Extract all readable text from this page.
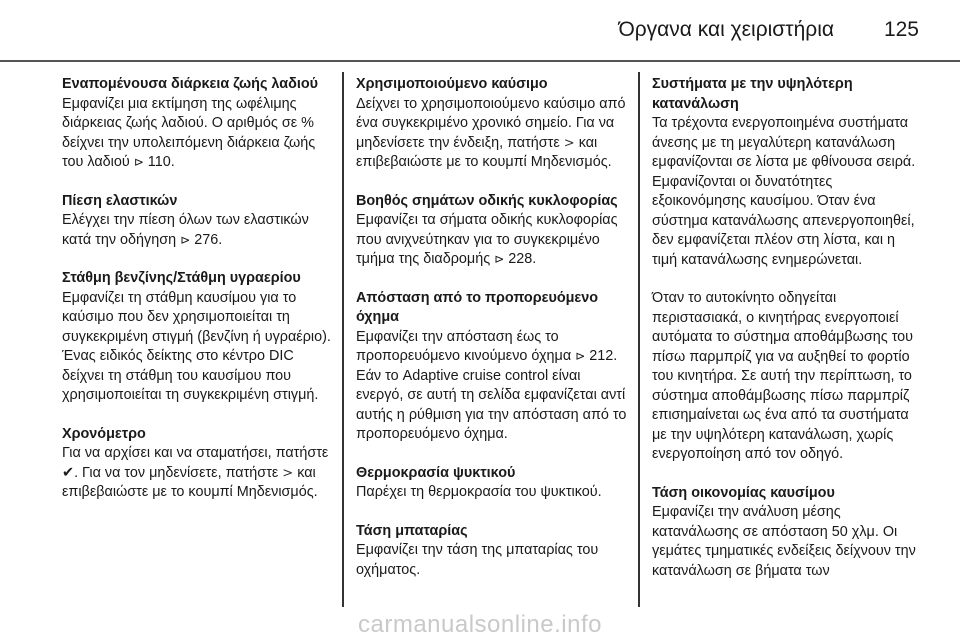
Όργανα και χειριστήρια 125

Εναπομένουσα διάρκεια ζωής λαδιού

Εμφανίζει μια εκτίμηση της ωφέλιμης διάρκειας ζωής λαδιού. Ο αριθμός σε % δείχνει την υπολειπόμενη διάρκεια ζωής του λαδιού ⊳ 110.

Πίεση ελαστικών

Ελέγχει την πίεση όλων των ελαστικών κατά την οδήγηση ⊳ 276.

Στάθμη βενζίνης/Στάθμη υγραερίου

Εμφανίζει τη στάθμη καυσίμου για το καύσιμο που δεν χρησιμοποιείται τη συγκεκριμένη στιγμή (βενζίνη ή υγραέριο). Ένας ειδικός δείκτης στο κέντρο DIC δείχνει τη στάθμη του καυσίμου που χρησιμοποιείται τη συγκεκριμένη στιγμή.

Χρονόμετρο

Για να αρχίσει και να σταματήσει, πατήστε ✔. Για να τον μηδενίσετε, πατήστε > και επιβεβαιώστε με το κουμπί Μηδενισμός.

Χρησιμοποιούμενο καύσιμο

Δείχνει το χρησιμοποιούμενο καύσιμο από ένα συγκεκριμένο χρονικό σημείο. Για να μηδενίσετε την ένδειξη, πατήστε > και επιβεβαιώστε με το κουμπί Μηδενισμός.

Βοηθός σημάτων οδικής κυκλοφορίας

Εμφανίζει τα σήματα οδικής κυκλοφορίας που ανιχνεύτηκαν για το συγκεκριμένο τμήμα της διαδρομής ⊳ 228.

Απόσταση από το προπορευόμενο όχημα

Εμφανίζει την απόσταση έως το προπορευόμενο κινούμενο όχημα ⊳ 212. Εάν το Adaptive cruise control είναι ενεργό, σε αυτή τη σελίδα εμφανίζεται αντί αυτής η ρύθμιση για την απόσταση από το προπορευόμενο όχημα.

Θερμοκρασία ψυκτικού

Παρέχει τη θερμοκρασία του ψυκτικού.

Τάση μπαταρίας

Εμφανίζει την τάση της μπαταρίας του οχήματος.

Συστήματα με την υψηλότερη κατανάλωση

Τα τρέχοντα ενεργοποιημένα συστήματα άνεσης με τη μεγαλύτερη κατανάλωση εμφανίζονται σε λίστα με φθίνουσα σειρά. Εμφανίζονται οι δυνατότητες εξοικονόμησης καυσίμου. Όταν ένα σύστημα κατανάλωσης απενεργοποιηθεί, δεν εμφανίζεται πλέον στη λίστα, και η τιμή κατανάλωσης ενημερώνεται.

Όταν το αυτοκίνητο οδηγείται περιστασιακά, ο κινητήρας ενεργοποιεί αυτόματα το σύστημα αποθάμβωσης του πίσω παρμπρίζ για να αυξηθεί το φορτίο του κινητήρα. Σε αυτή την περίπτωση, το σύστημα αποθάμβωσης πίσω παρμπρίζ επισημαίνεται ως ένα από τα συστήματα με την υψηλότερη κατανάλωση, χωρίς ενεργοποίηση από τον οδηγό.

Τάση οικονομίας καυσίμου

Εμφανίζει την ανάλυση μέσης κατανάλωσης σε απόσταση 50 χλμ. Οι γεμάτες τμηματικές ενδείξεις δείχνουν την κατανάλωση σε βήματα των

carmanualsonline.info
